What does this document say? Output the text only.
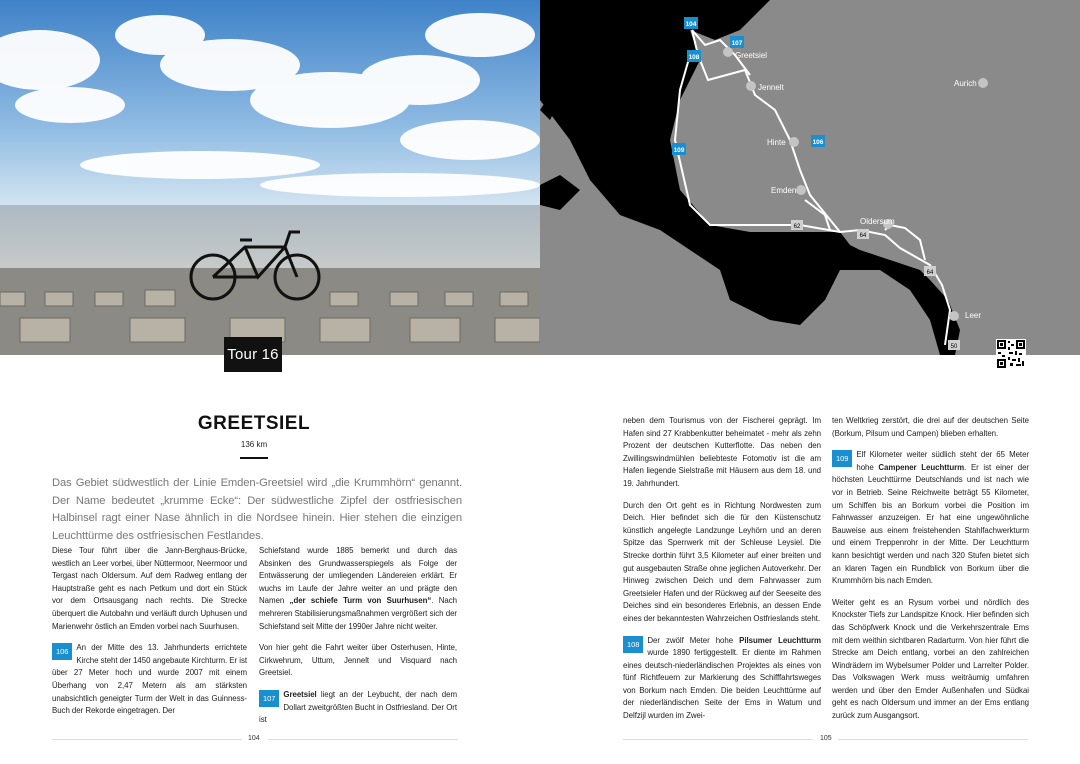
Tour 16
Greetsiel
Jennelt	Aurich
Hinte
Emden
Oldersum
Leer
104
107
108
109
106
62
64
64
50
GREETSIEL
136 km
Das Gebiet südwestlich der Linie Emden-Greetsiel wird „die Krummhörn“ genannt. Der Name bedeutet „krumme Ecke“: Der südwestliche Zipfel der ostfriesischen Halbinsel ragt einer Nase ähnlich in die Nordsee hinein. Hier stehen die einzigen Leuchttürme des ostfriesischen Festlandes.

Diese Tour führt über die Jann-Berghaus-Brücke, westlich an Leer vorbei, über Nüttermoor, Neermoor und Tergast nach Oldersum. Auf dem Radweg entlang der Hauptstraße geht es nach Petkum und dort ein Stück vor dem Ortsausgang nach rechts. Die Strecke überquert die Autobahn und verläuft durch Uphusen und Marienwehr östlich an Emden vorbei nach Suurhusen.

106	An der Mitte des 13. Jahrhunderts errichtete Kirche steht der 1450 angebaute Kirchturm. Er ist über 27 Meter hoch und wurde 2007 mit einem Überhang von 2,47 Metern als am stärksten unabsichtlich geneigter Turm der Welt in das Guinness-Buch der Rekorde eingetragen. Der

Schiefstand wurde 1885 bemerkt und durch das Absinken des Grundwasserspiegels als Folge der Entwässerung der umliegenden Ländereien erklärt. Er wuchs im Laufe der Jahre weiter an und prägte den Namen „der schiefe Turm von Suurhusen“. Nach mehreren Stabilisierungsmaßnahmen vergrößert sich der Schiefstand seit Mitte der 1990er Jahre nicht weiter.

Von hier geht die Fahrt weiter über Osterhusen, Hinte, Cirkwehrum, Uttum, Jennelt und Visquard nach Greetsiel.

107	Greetsiel liegt an der Leybucht, der nach dem Dollart zweitgrößten Bucht in Ostfriesland. Der Ort ist

neben dem Tourismus von der Fischerei geprägt. Im Hafen sind 27 Krabbenkutter beheimatet - mehr als zehn Prozent der deutschen Kutterflotte. Das neben den Zwillingswindmühlen beliebteste Fotomotiv ist die am Hafen liegende Sielstraße mit Häusern aus dem 18. und 19. Jahrhundert.

Durch den Ort geht es in Richtung Nordwesten zum Deich. Hier befindet sich die für den Küstenschutz künstlich angelegte Landzunge Leyhörn und an deren Spitze das Sperrwerk mit der Schleuse Leysiel. Die Strecke dorthin führt 3,5 Kilometer auf einer breiten und gut ausgebauten Straße ohne jeglichen Autoverkehr. Der Hinweg zwischen Deich und dem Fahrwasser zum Greetsieler Hafen und der Rückweg auf der Seeseite des Deiches sind ein besonderes Erlebnis, an dessen Ende eines der bekanntesten Wahrzeichen Ostfrieslands steht.

108	Der zwölf Meter hohe Pilsumer Leuchtturm wurde 1890 fertiggestellt. Er diente im Rahmen eines deutsch-niederländischen Projektes als eines von fünf Richtfeuern zur Markierung des Schifffahrtsweges von Borkum nach Emden. Die beiden Leuchttürme auf der niederländischen Seite der Ems in Watum und Delfzijl wurden im Zwei-

ten Weltkrieg zerstört, die drei auf der deutschen Seite (Borkum, Pilsum und Campen) blieben erhalten.

109	Elf Kilometer weiter südlich steht der 65 Meter hohe Campener Leuchtturm. Er ist einer der höchsten Leuchttürme Deutschlands und ist nach wie vor in Betrieb. Seine Reichweite beträgt 55 Kilometer, um Schiffen bis an Borkum vorbei die Position im Fahrwasser anzuzeigen. Er hat eine ungewöhnliche Bauweise aus einem freistehenden Stahlfachwerkturm und einem Treppenrohr in der Mitte. Der Leuchtturm kann besichtigt werden und nach 320 Stufen bietet sich an klaren Tagen ein Rundblick von Borkum über die Krummhörn bis nach Emden.

Weiter geht es an Rysum vorbei und nördlich des Knockster Tiefs zur Landspitze Knock. Hier befinden sich das Schöpfwerk Knock und die Verkehrszentrale Ems mit dem weithin sichtbaren Radarturm. Von hier führt die Strecke am Deich entlang, vorbei an den zahlreichen Windrädern im Wybelsumer Polder und Larrelter Polder. Das Volkswagen Werk muss weiträumig umfahren werden und über den Emder Außenhafen und Südkai geht es nach Oldersum und immer an der Ems entlang zurück zum Ausgangsort.

104	105
